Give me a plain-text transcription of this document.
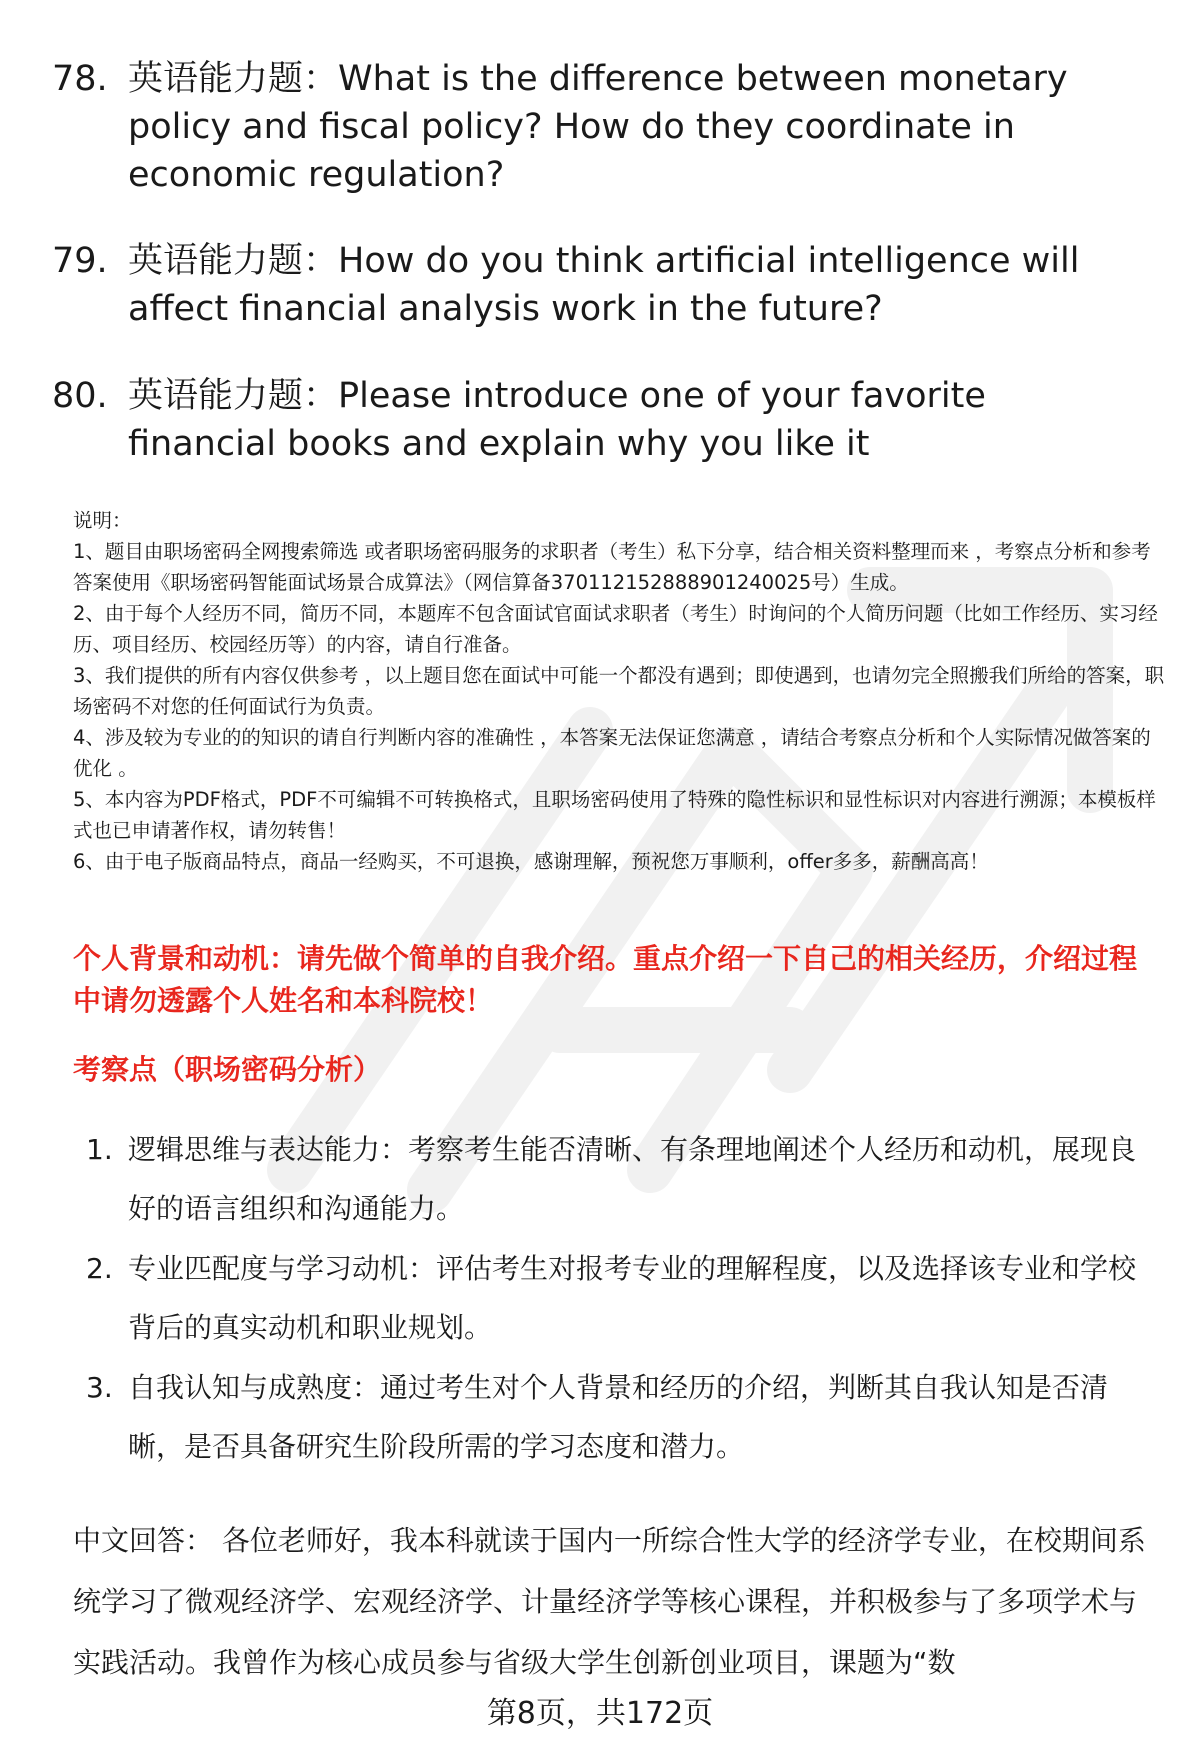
78. 英语能力题：What is the difference between monetary policy and fiscal policy? How do they coordinate in economic regulation?
79. 英语能力题：How do you think artificial intelligence will affect financial analysis work in the future?
80. 英语能力题：Please introduce one of your favorite financial books and explain why you like it
说明：
1、题目由职场密码全网搜索筛选 或者职场密码服务的求职者（考生）私下分享，结合相关资料整理而来 ，考察点分析和参考答案使用《职场密码智能面试场景合成算法》（网信算备370112152888901240025号）生成。
2、由于每个人经历不同，简历不同，本题库不包含面试官面试求职者（考生）时询问的个人简历问题（比如工作经历、实习经历、项目经历、校园经历等）的内容，请自行准备。
3、我们提供的所有内容仅供参考 ，以上题目您在面试中可能一个都没有遇到；即使遇到，也请勿完全照搬我们所给的答案，职场密码不对您的任何面试行为负责。
4、涉及较为专业的的知识的请自行判断内容的准确性 ，本答案无法保证您满意 ，请结合考察点分析和个人实际情况做答案的优化 。
5、本内容为PDF格式，PDF不可编辑不可转换格式，且职场密码使用了特殊的隐性标识和显性标识对内容进行溯源；本模板样式也已申请著作权，请勿转售！
6、由于电子版商品特点，商品一经购买，不可退换，感谢理解，预祝您万事顺利，offer多多，薪酬高高！
个人背景和动机：请先做个简单的自我介绍。重点介绍一下自己的相关经历，介绍过程中请勿透露个人姓名和本科院校！
考察点（职场密码分析）
1. 逻辑思维与表达能力：考察考生能否清晰、有条理地阐述个人经历和动机，展现良好的语言组织和沟通能力。
2. 专业匹配度与学习动机：评估考生对报考专业的理解程度，以及选择该专业和学校背后的真实动机和职业规划。
3. 自我认知与成熟度：通过考生对个人背景和经历的介绍，判断其自我认知是否清晰，是否具备研究生阶段所需的学习态度和潜力。
中文回答： 各位老师好，我本科就读于国内一所综合性大学的经济学专业，在校期间系统学习了微观经济学、宏观经济学、计量经济学等核心课程，并积极参与了多项学术与实践活动。我曾作为核心成员参与省级大学生创新创业项目，课题为“数
第8页，共172页
